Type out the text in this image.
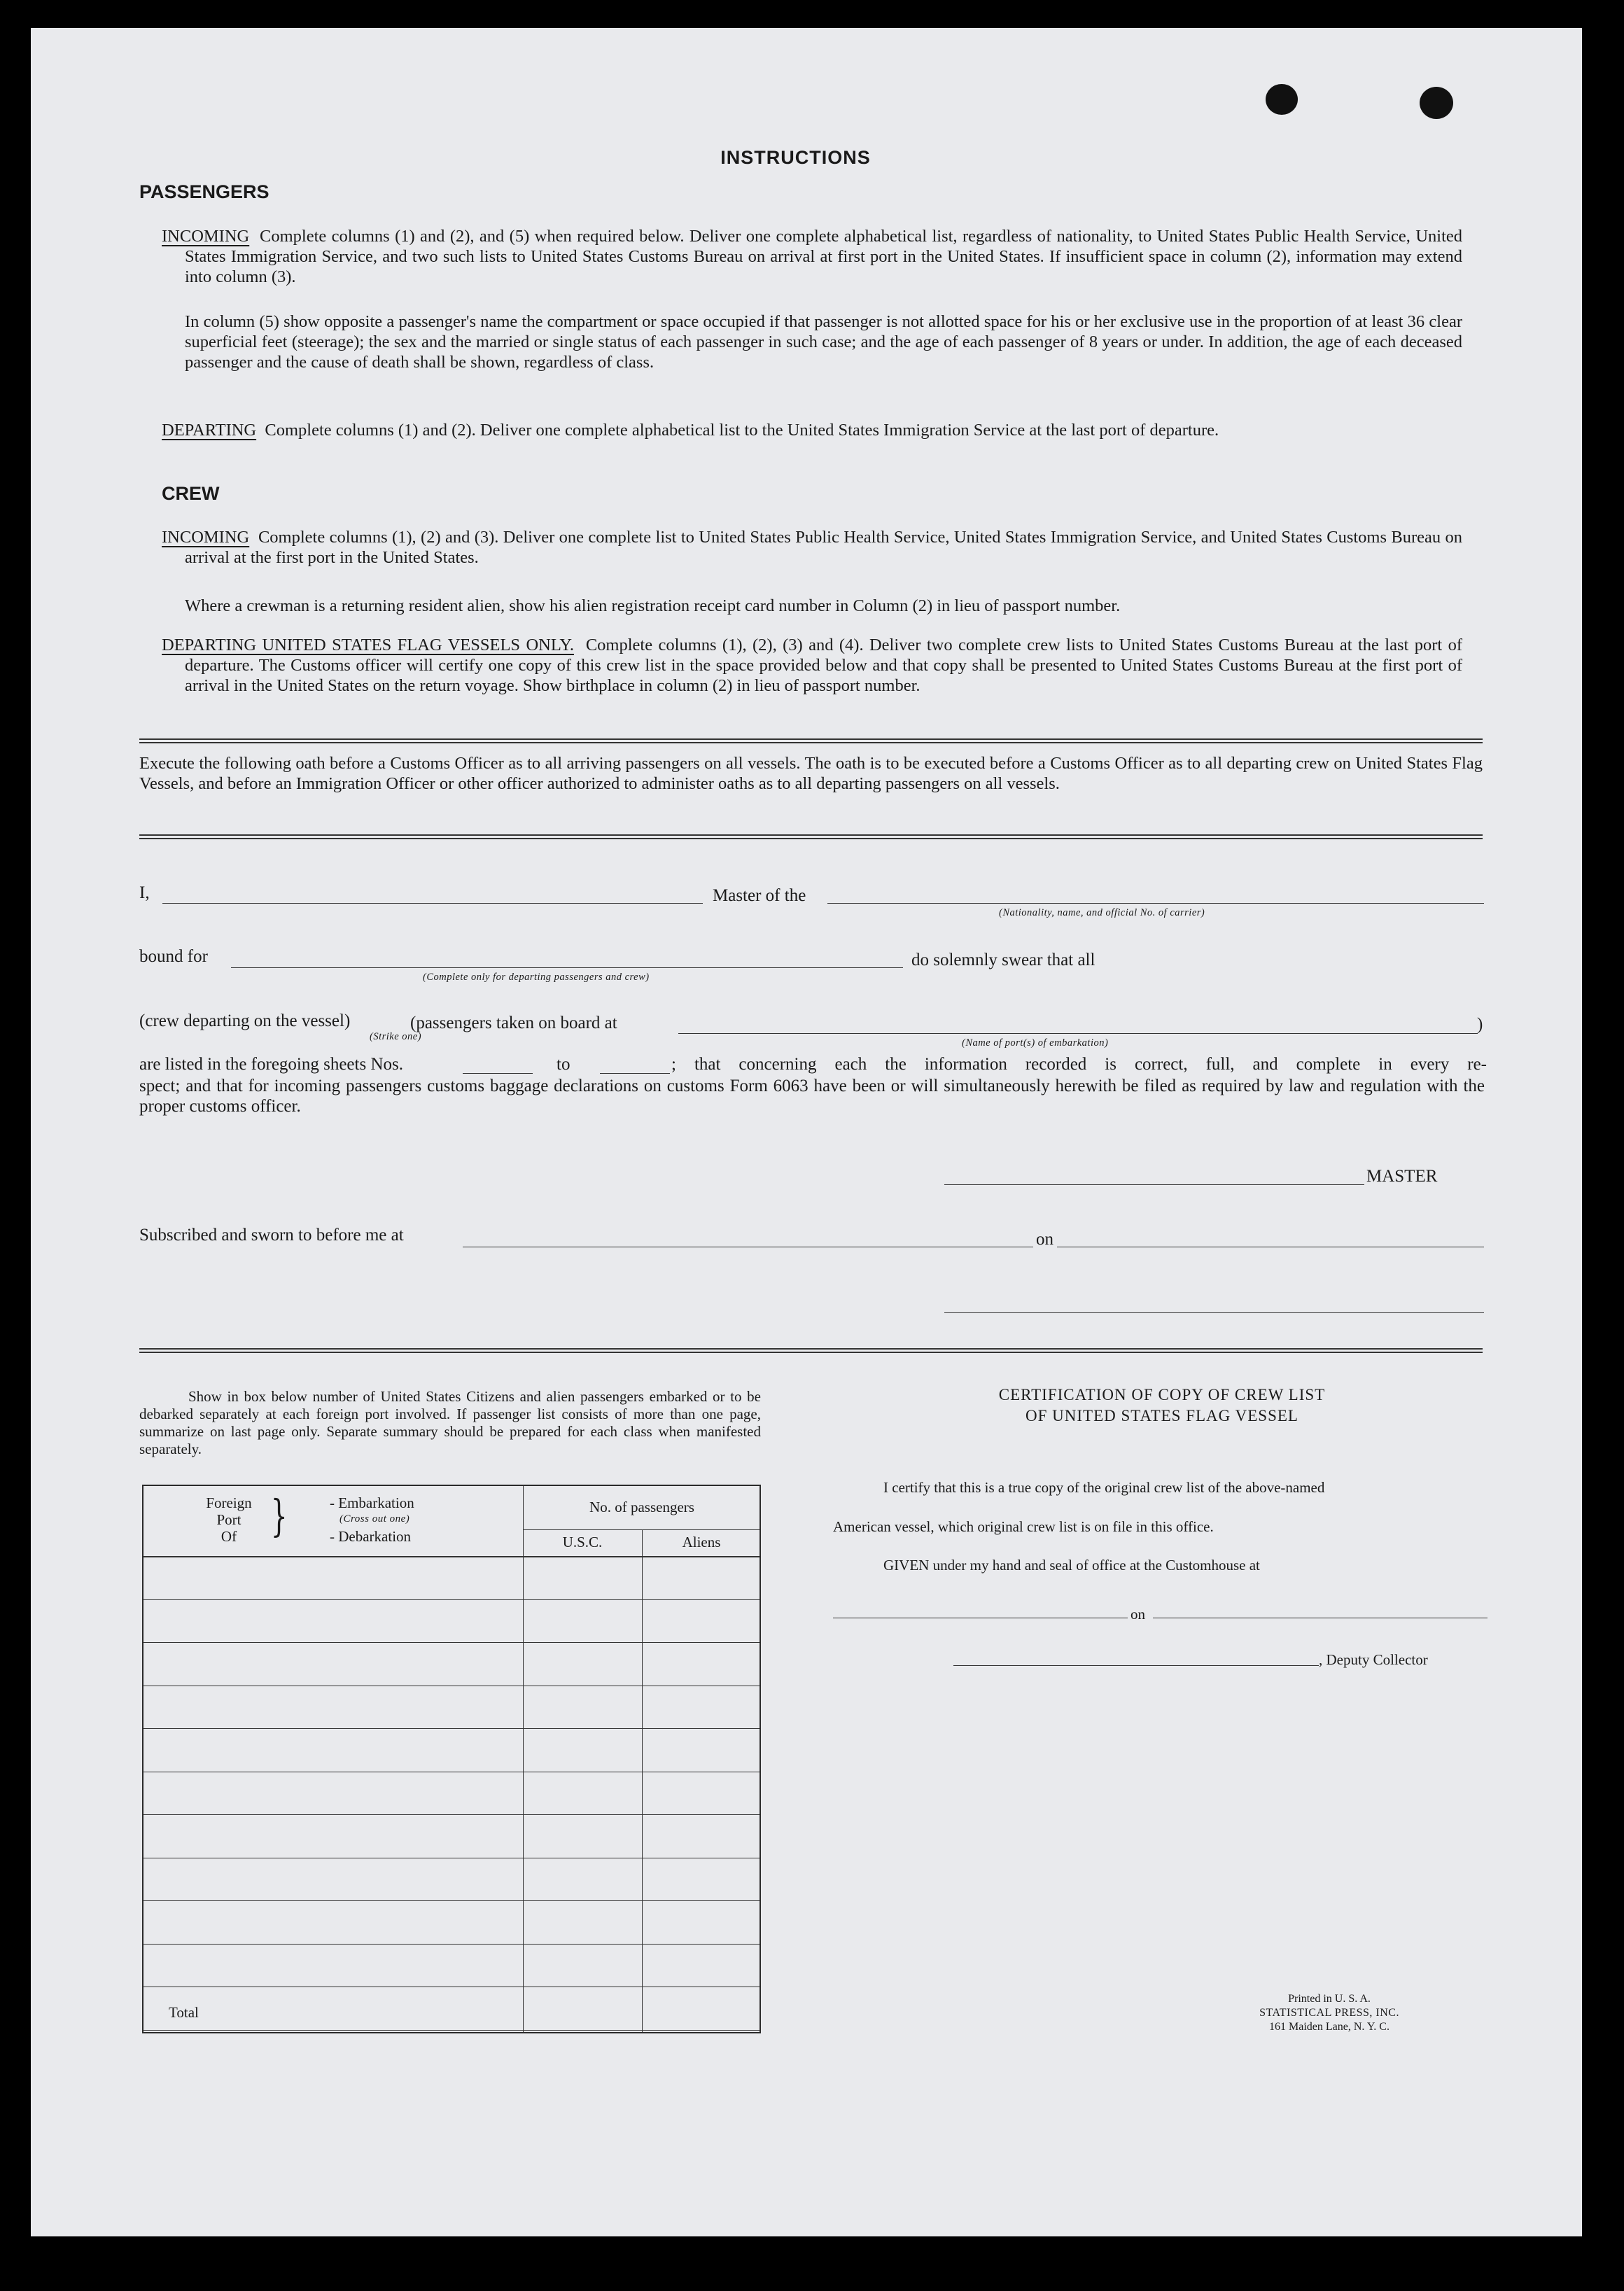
INSTRUCTIONS
PASSENGERS

INCOMING Complete columns (1) and (2), and (5) when required below. Deliver one complete alphabetical list, regardless of nationality, to United States Public Health Service, United States Immigration Service, and two such lists to United States Customs Bureau on arrival at first port in the United States. If insufficient space in column (2), information may extend into column (3).

In column (5) show opposite a passenger's name the compartment or space occupied if that passenger is not allotted space for his or her exclusive use in the proportion of at least 36 clear superficial feet (steerage); the sex and the married or single status of each passenger in such case; and the age of each passenger of 8 years or under. In addition, the age of each deceased passenger and the cause of death shall be shown, regardless of class.

DEPARTING Complete columns (1) and (2). Deliver one complete alphabetical list to the United States Immigration Service at the last port of departure.

CREW

INCOMING Complete columns (1), (2) and (3). Deliver one complete list to United States Public Health Service, United States Immigration Service, and United States Customs Bureau on arrival at the first port in the United States.

Where a crewman is a returning resident alien, show his alien registration receipt card number in Column (2) in lieu of passport number.

DEPARTING UNITED STATES FLAG VESSELS ONLY. Complete columns (1), (2), (3) and (4). Deliver two complete crew lists to United States Customs Bureau at the last port of departure. The Customs officer will certify one copy of this crew list in the space provided below and that copy shall be presented to United States Customs Bureau at the first port of arrival in the United States on the return voyage. Show birthplace in column (2) in lieu of passport number.

Execute the following oath before a Customs Officer as to all arriving passengers on all vessels. The oath is to be executed before a Customs Officer as to all departing crew on United States Flag Vessels, and before an Immigration Officer or other officer authorized to administer oaths as to all departing passengers on all vessels.
I,	Master of the
(Nationality, name, and official No. of carrier)
bound for
(Complete only for departing passengers and crew)
do solemnly swear that all
(crew departing on the vessel)
(Strike one)
(passengers taken on board at	)
(Name of port(s) of embarkation)
are listed in the foregoing sheets Nos.	to	; that concerning each the information recorded is correct, full, and complete in every re-
spect; and that for incoming passengers customs baggage declarations on customs Form 6063 have been or will simultaneously herewith be filed as required by law and regulation with the proper customs officer.
MASTER
Subscribed and sworn to before me at	on
Show in box below number of United States Citizens and alien passengers embarked or to be debarked separately at each foreign port involved. If passenger list consists of more than one page, summarize on last page only. Separate summary should be prepared for each class when manifested separately.
Foreign
Port
Of }	- Embarkation
(Cross out one)
- Debarkation
No. of passengers
U.S.C.	Aliens
Total
CERTIFICATION OF COPY OF CREW LIST
OF UNITED STATES FLAG VESSEL
I certify that this is a true copy of the original crew list of the above-named
American vessel, which original crew list is on file in this office.
GIVEN under my hand and seal of office at the Customhouse at
on
, Deputy Collector
Printed in U. S. A.
STATISTICAL PRESS, INC.
161 Maiden Lane, N. Y. C.
